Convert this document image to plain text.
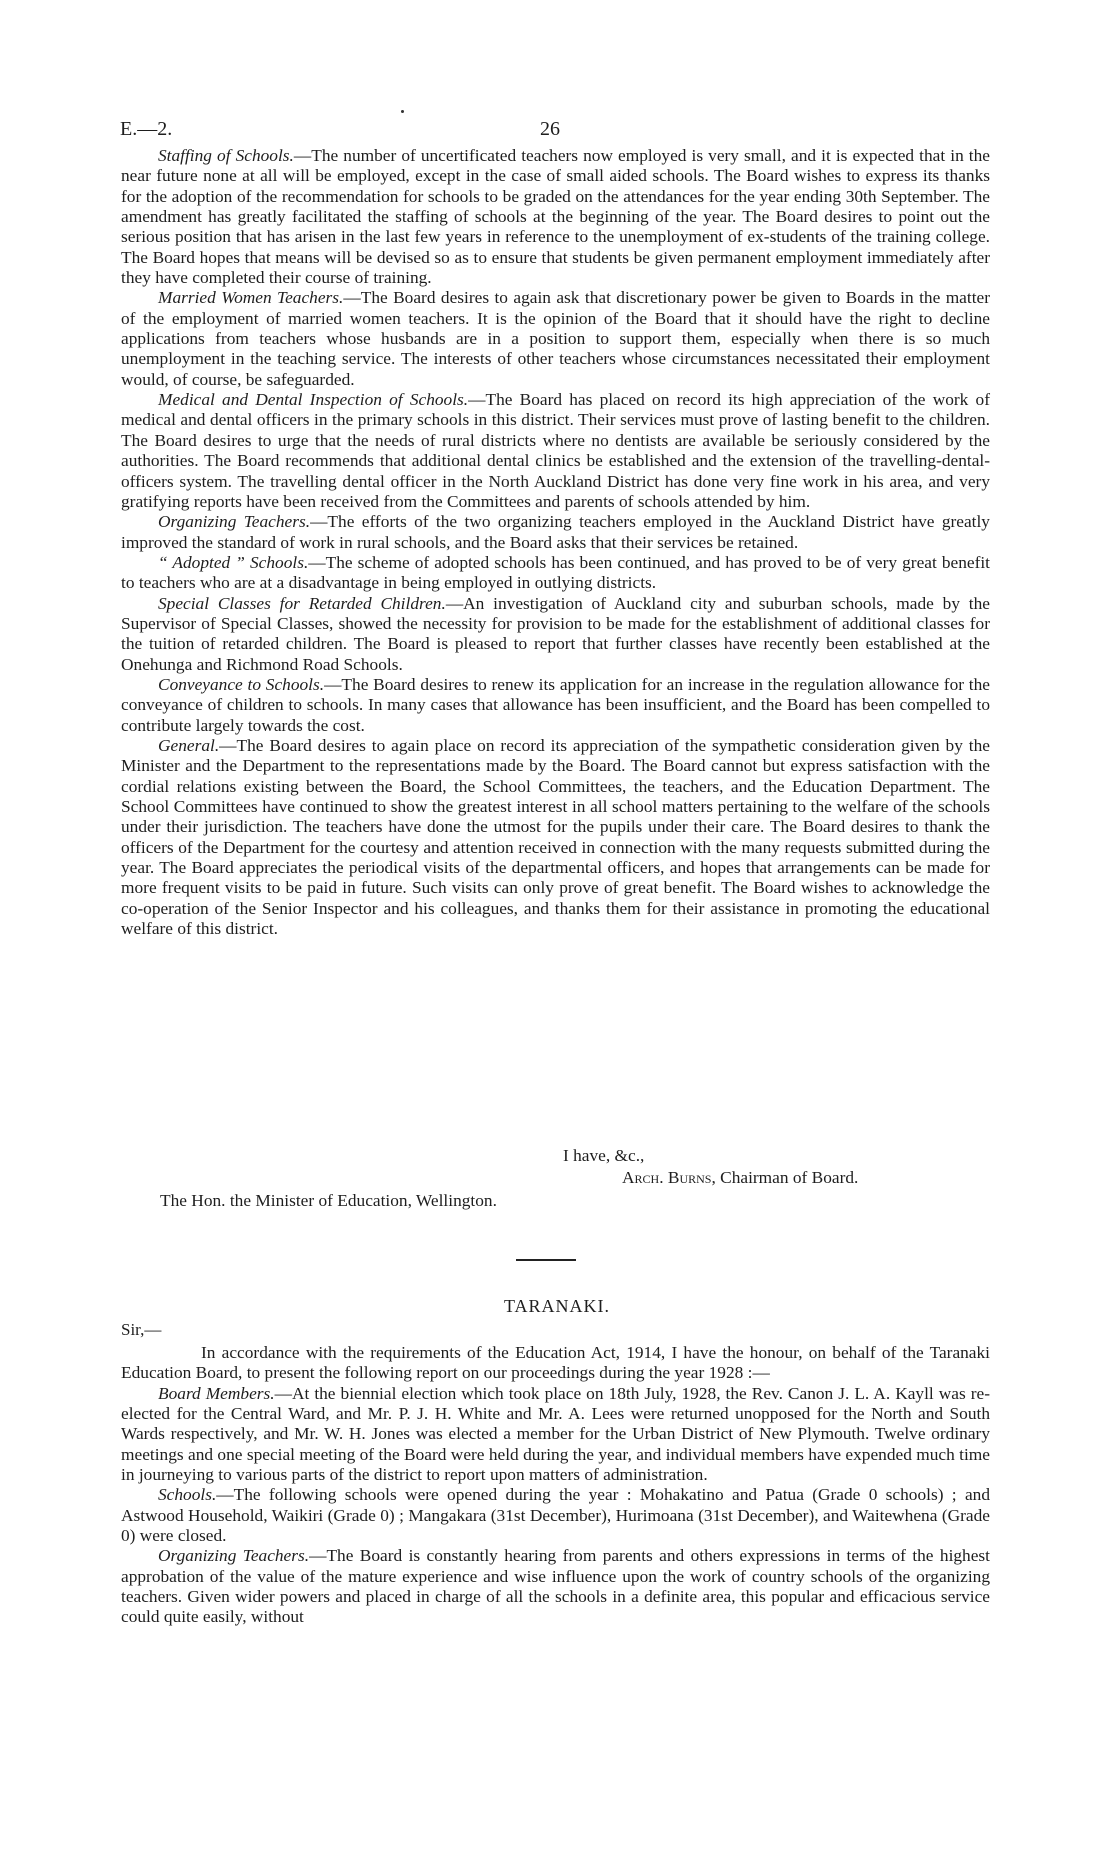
E.—2.	26

Staffing of Schools.—The number of uncertificated teachers now employed is very small, and it is expected that in the near future none at all will be employed, except in the case of small aided schools. The Board wishes to express its thanks for the adoption of the recommendation for schools to be graded on the attendances for the year ending 30th September. The amendment has greatly facilitated the staffing of schools at the beginning of the year. The Board desires to point out the serious position that has arisen in the last few years in reference to the unemployment of ex-students of the training college. The Board hopes that means will be devised so as to ensure that students be given permanent employment immediately after they have completed their course of training.

Married Women Teachers.—The Board desires to again ask that discretionary power be given to Boards in the matter of the employment of married women teachers. It is the opinion of the Board that it should have the right to decline applications from teachers whose husbands are in a position to support them, especially when there is so much unemployment in the teaching service. The interests of other teachers whose circumstances necessitated their employment would, of course, be safeguarded.

Medical and Dental Inspection of Schools.—The Board has placed on record its high appreciation of the work of medical and dental officers in the primary schools in this district. Their services must prove of lasting benefit to the children. The Board desires to urge that the needs of rural districts where no dentists are available be seriously considered by the authorities. The Board recommends that additional dental clinics be established and the extension of the travelling-dental-officers system. The travelling dental officer in the North Auckland District has done very fine work in his area, and very gratifying reports have been received from the Committees and parents of schools attended by him.

Organizing Teachers.—The efforts of the two organizing teachers employed in the Auckland District have greatly improved the standard of work in rural schools, and the Board asks that their services be retained.

“ Adopted ” Schools.—The scheme of adopted schools has been continued, and has proved to be of very great benefit to teachers who are at a disadvantage in being employed in outlying districts.

Special Classes for Retarded Children.—An investigation of Auckland city and suburban schools, made by the Supervisor of Special Classes, showed the necessity for provision to be made for the establishment of additional classes for the tuition of retarded children. The Board is pleased to report that further classes have recently been established at the Onehunga and Richmond Road Schools.

Conveyance to Schools.—The Board desires to renew its application for an increase in the regulation allowance for the conveyance of children to schools. In many cases that allowance has been insufficient, and the Board has been compelled to contribute largely towards the cost.

General.—The Board desires to again place on record its appreciation of the sympathetic consideration given by the Minister and the Department to the representations made by the Board. The Board cannot but express satisfaction with the cordial relations existing between the Board, the School Committees, the teachers, and the Education Department. The School Committees have continued to show the greatest interest in all school matters pertaining to the welfare of the schools under their jurisdiction. The teachers have done the utmost for the pupils under their care. The Board desires to thank the officers of the Department for the courtesy and attention received in connection with the many requests submitted during the year. The Board appreciates the periodical visits of the departmental officers, and hopes that arrangements can be made for more frequent visits to be paid in future. Such visits can only prove of great benefit. The Board wishes to acknowledge the co-operation of the Senior Inspector and his colleagues, and thanks them for their assistance in promoting the educational welfare of this district.

I have, &c.,
Arch. Burns, Chairman of Board.
The Hon. the Minister of Education, Wellington.
TARANAKI.
Sir,—

In accordance with the requirements of the Education Act, 1914, I have the honour, on behalf of the Taranaki Education Board, to present the following report on our proceedings during the year 1928 :—

Board Members.—At the biennial election which took place on 18th July, 1928, the Rev. Canon J. L. A. Kayll was re-elected for the Central Ward, and Mr. P. J. H. White and Mr. A. Lees were returned unopposed for the North and South Wards respectively, and Mr. W. H. Jones was elected a member for the Urban District of New Plymouth. Twelve ordinary meetings and one special meeting of the Board were held during the year, and individual members have expended much time in journeying to various parts of the district to report upon matters of administration.

Schools.—The following schools were opened during the year : Mohakatino and Patua (Grade 0 schools) ; and Astwood Household, Waikiri (Grade 0) ; Mangakara (31st December), Hurimoana (31st December), and Waitewhena (Grade 0) were closed.

Organizing Teachers.—The Board is constantly hearing from parents and others expressions in terms of the highest approbation of the value of the mature experience and wise influence upon the work of country schools of the organizing teachers. Given wider powers and placed in charge of all the schools in a definite area, this popular and efficacious service could quite easily, without
